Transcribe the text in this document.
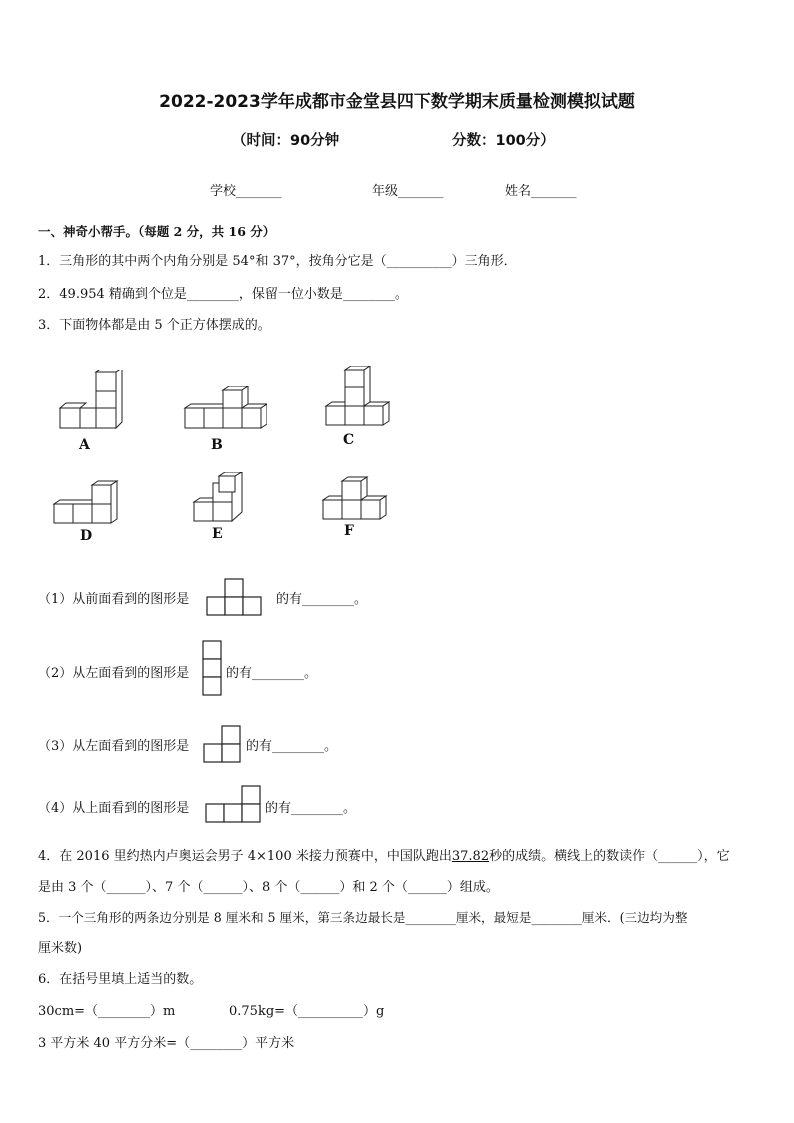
2022-2023学年成都市金堂县四下数学期末质量检测模拟试题
（时间：90分钟	分数：100分）
学校_______	年级_______	姓名_______
一、神奇小帮手。（每题 2 分，共 16 分）
1．三角形的其中两个内角分别是 54°和 37°，按角分它是（__________）三角形．
2．49.954 精确到个位是________，保留一位小数是________。
3．下面物体都是由 5 个正方体摆成的。
A	B	C
D	E	F
（1）从前面看到的图形是	的有________。
（2）从左面看到的图形是	的有________。
（3）从左面看到的图形是	的有________。
（4）从上面看到的图形是	的有________。
4．在 2016 里约热内卢奥运会男子 4×100 米接力预赛中，中国队跑出37.82秒的成绩。横线上的数读作（______），它
是由 3 个（______）、7 个（______）、8 个（______）和 2 个（______）组成。
5．一个三角形的两条边分别是 8 厘米和 5 厘米，第三条边最长是________厘米，最短是________厘米．(三边均为整
厘米数)
6．在括号里填上适当的数。
30cm=（________）m	0.75kg=（__________）g
3 平方米 40 平方分米=（________）平方米
